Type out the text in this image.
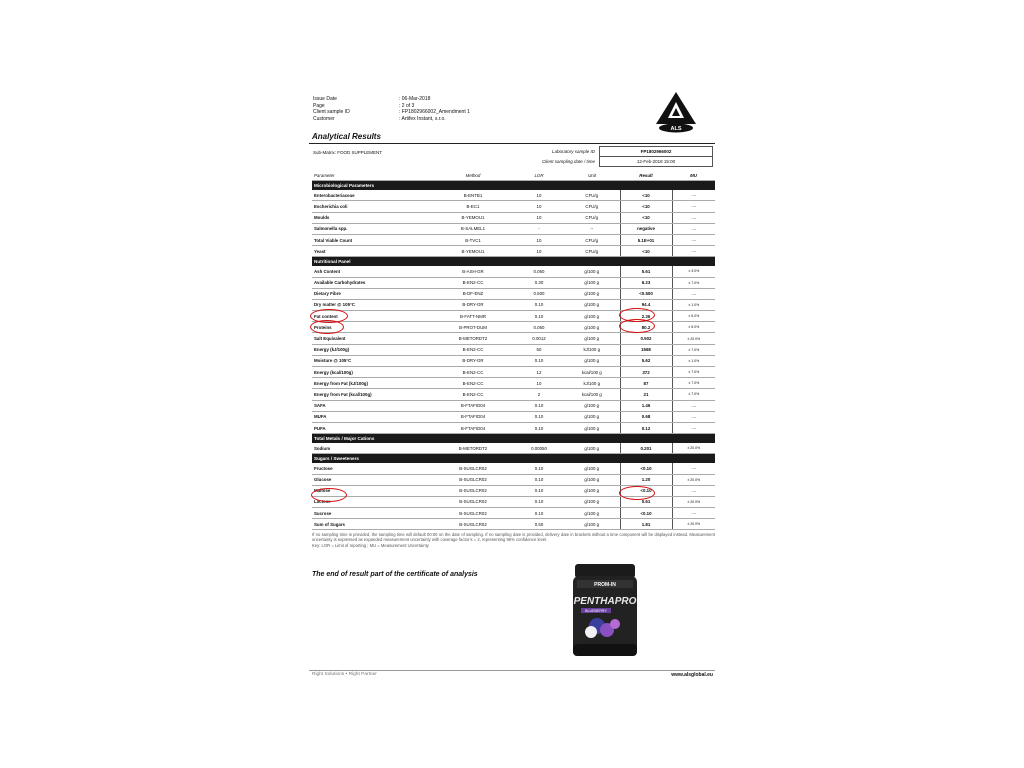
Issue Date	: 06-Mar-2018
Page	: 2 of 3
Client sample ID	: FP1802966002_Amendment 1
Customer	: Artifex Instant, s.r.o.
ALS
Analytical Results
Sub-Matrix: FOOD SUPPLEMENT	Laboratory sample ID	FP1802966002
Client sampling date / time	12-Feb-2018 15:00
Parameter	Method	LOR	Unit	Result	MU
Microbiological Parameters					
Enterobacteriaceae	B-ENTB1	10	CFU/g	<10	----
Escherichia coli	B-EC1	10	CFU/g	<10	----
Moulds	B-YEMOU1	10	CFU/g	<10	----
Salmonella spp.	B-SALMEL1	-	--	negative	----
Total Viable Count	B-TVC1	10	CFU/g	5.1E+01	----
Yeast	B-YEMOU1	10	CFU/g	<10	----
Nutritional Panel					
Ash Content	B-ASH-GR	0.060	g/100 g	5.61	± 3.0%
Available Carbohydrates	B-EN2-CC	0.30	g/100 g	6.23	± 7.0%
Dietary Fibre	B-DF-ENZ	0.500	g/100 g	<0.500	----
Dry matter @ 105°C	B-DRY-GR	0.10	g/100 g	94.4	± 1.0%
Fat content	B-FATT-NMR	0.10	g/100 g	2.36	± 5.0%
Proteins	B-PROT-DUM	0.060	g/100 g	80.2	± 5.0%
Salt Equivalent	B-METORDT2	0.0012	g/100 g	0.502	± 20.0%
Energy (kJ/100g)	B-EN2-CC	50	kJ/100 g	1568	± 7.0%
Moisture @ 105°C	B-DRY-GR	0.10	g/100 g	5.62	± 1.0%
Energy (kcal/100g)	B-EN2-CC	12	kcal/100 g	372	± 7.0%
Energy from Fat (kJ/100g)	B-EN2-CC	10	kJ/100 g	87	± 7.0%
Energy from Fat (kcal/100g)	B-EN2-CC	2	kcal/100 g	21	± 7.0%
SAFA	B-FTAFID04	0.10	g/100 g	1.46	----
MUFA	B-FTAFID04	0.10	g/100 g	0.68	----
PUFA	B-FTAFID04	0.10	g/100 g	0.12	----
Total Metals / Major Cations					
Sodium	B-METORDT2	0.00050	g/100 g	0.201	± 20.0%
Sugars / Sweeteners					
Fructose	B-SUGLCR02	0.10	g/100 g	<0.10	----
Glucose	B-SUGLCR02	0.10	g/100 g	1.20	± 20.0%
Maltose	B-SUGLCR02	0.10	g/100 g	<0.10	----
Lactose	B-SUGLCR02	0.10	g/100 g	0.61	± 20.0%
Sucrose	B-SUGLCR02	0.10	g/100 g	<0.10	----
Sum of Sugars	B-SUGLCR02	0.50	g/100 g	1.81	± 20.0%
If no sampling time is provided, the sampling time will default 00:00 on the date of sampling. If no sampling date is provided, delivery date in brackets without a time component will be displayed instead. Measurement uncertainty is expressed as expanded measurement uncertainty with coverage factor k = 2, representing 95% confidence level.
Key: LOR = Limit of reporting ; MU = Measurement Uncertainty
The end of result part of the certificate of analysis
PROM-IN
PENTHAPRO
BLUEBERRY
Right Solutions • Right Partner	www.alsglobal.eu
